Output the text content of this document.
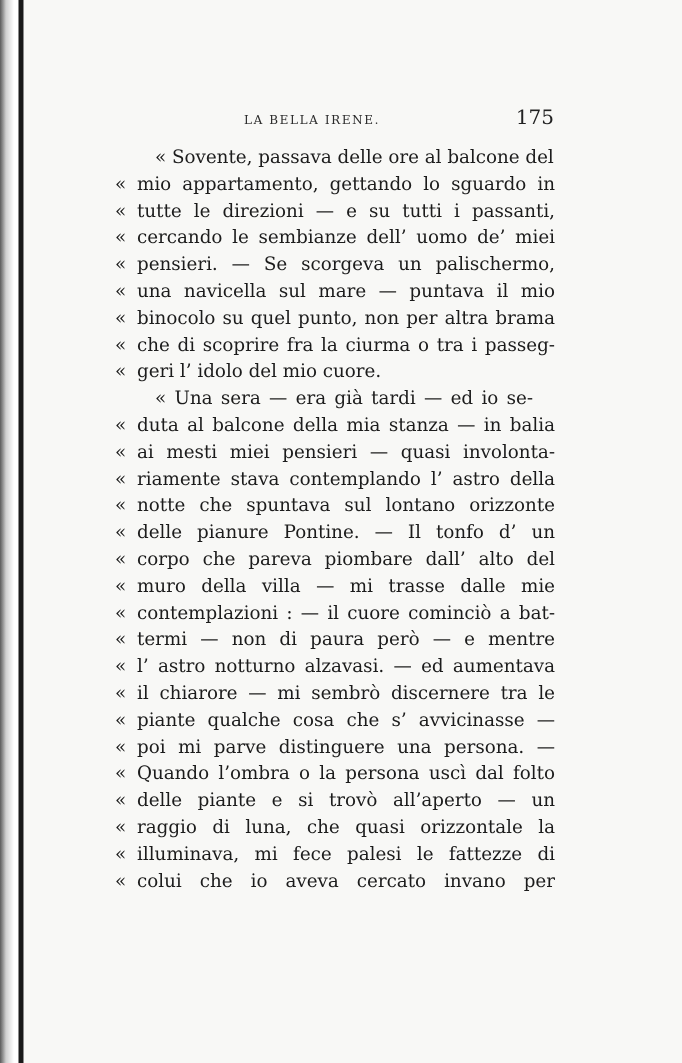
LA BELLA IRENE.	175
« Sovente, passava delle ore al balcone del
« mio appartamento, gettando lo sguardo in
« tutte le direzioni — e su tutti i passanti,
« cercando le sembianze dell’ uomo de’ miei
« pensieri. — Se scorgeva un palischermo,
« una navicella sul mare — puntava il mio
« binocolo su quel punto, non per altra brama
« che di scoprire fra la ciurma o tra i passeg-
« geri l’ idolo del mio cuore.
« Una sera — era già tardi — ed io se-
« duta al balcone della mia stanza — in balia
« ai mesti miei pensieri — quasi involonta-
« riamente stava contemplando l’ astro della
« notte che spuntava sul lontano orizzonte
« delle pianure Pontine. — Il tonfo d’ un
« corpo che pareva piombare dall’ alto del
« muro della villa — mi trasse dalle mie
« contemplazioni : — il cuore cominciò a bat-
« termi — non di paura però — e mentre
« l’ astro notturno alzavasi. — ed aumentava
« il chiarore — mi sembrò discernere tra le
« piante qualche cosa che s’ avvicinasse —
« poi mi parve distinguere una persona. —
« Quando l’ombra o la persona uscì dal folto
« delle piante e si trovò all’aperto — un
« raggio di luna, che quasi orizzontale la
« illuminava, mi fece palesi le fattezze di
« colui che io aveva cercato invano per
